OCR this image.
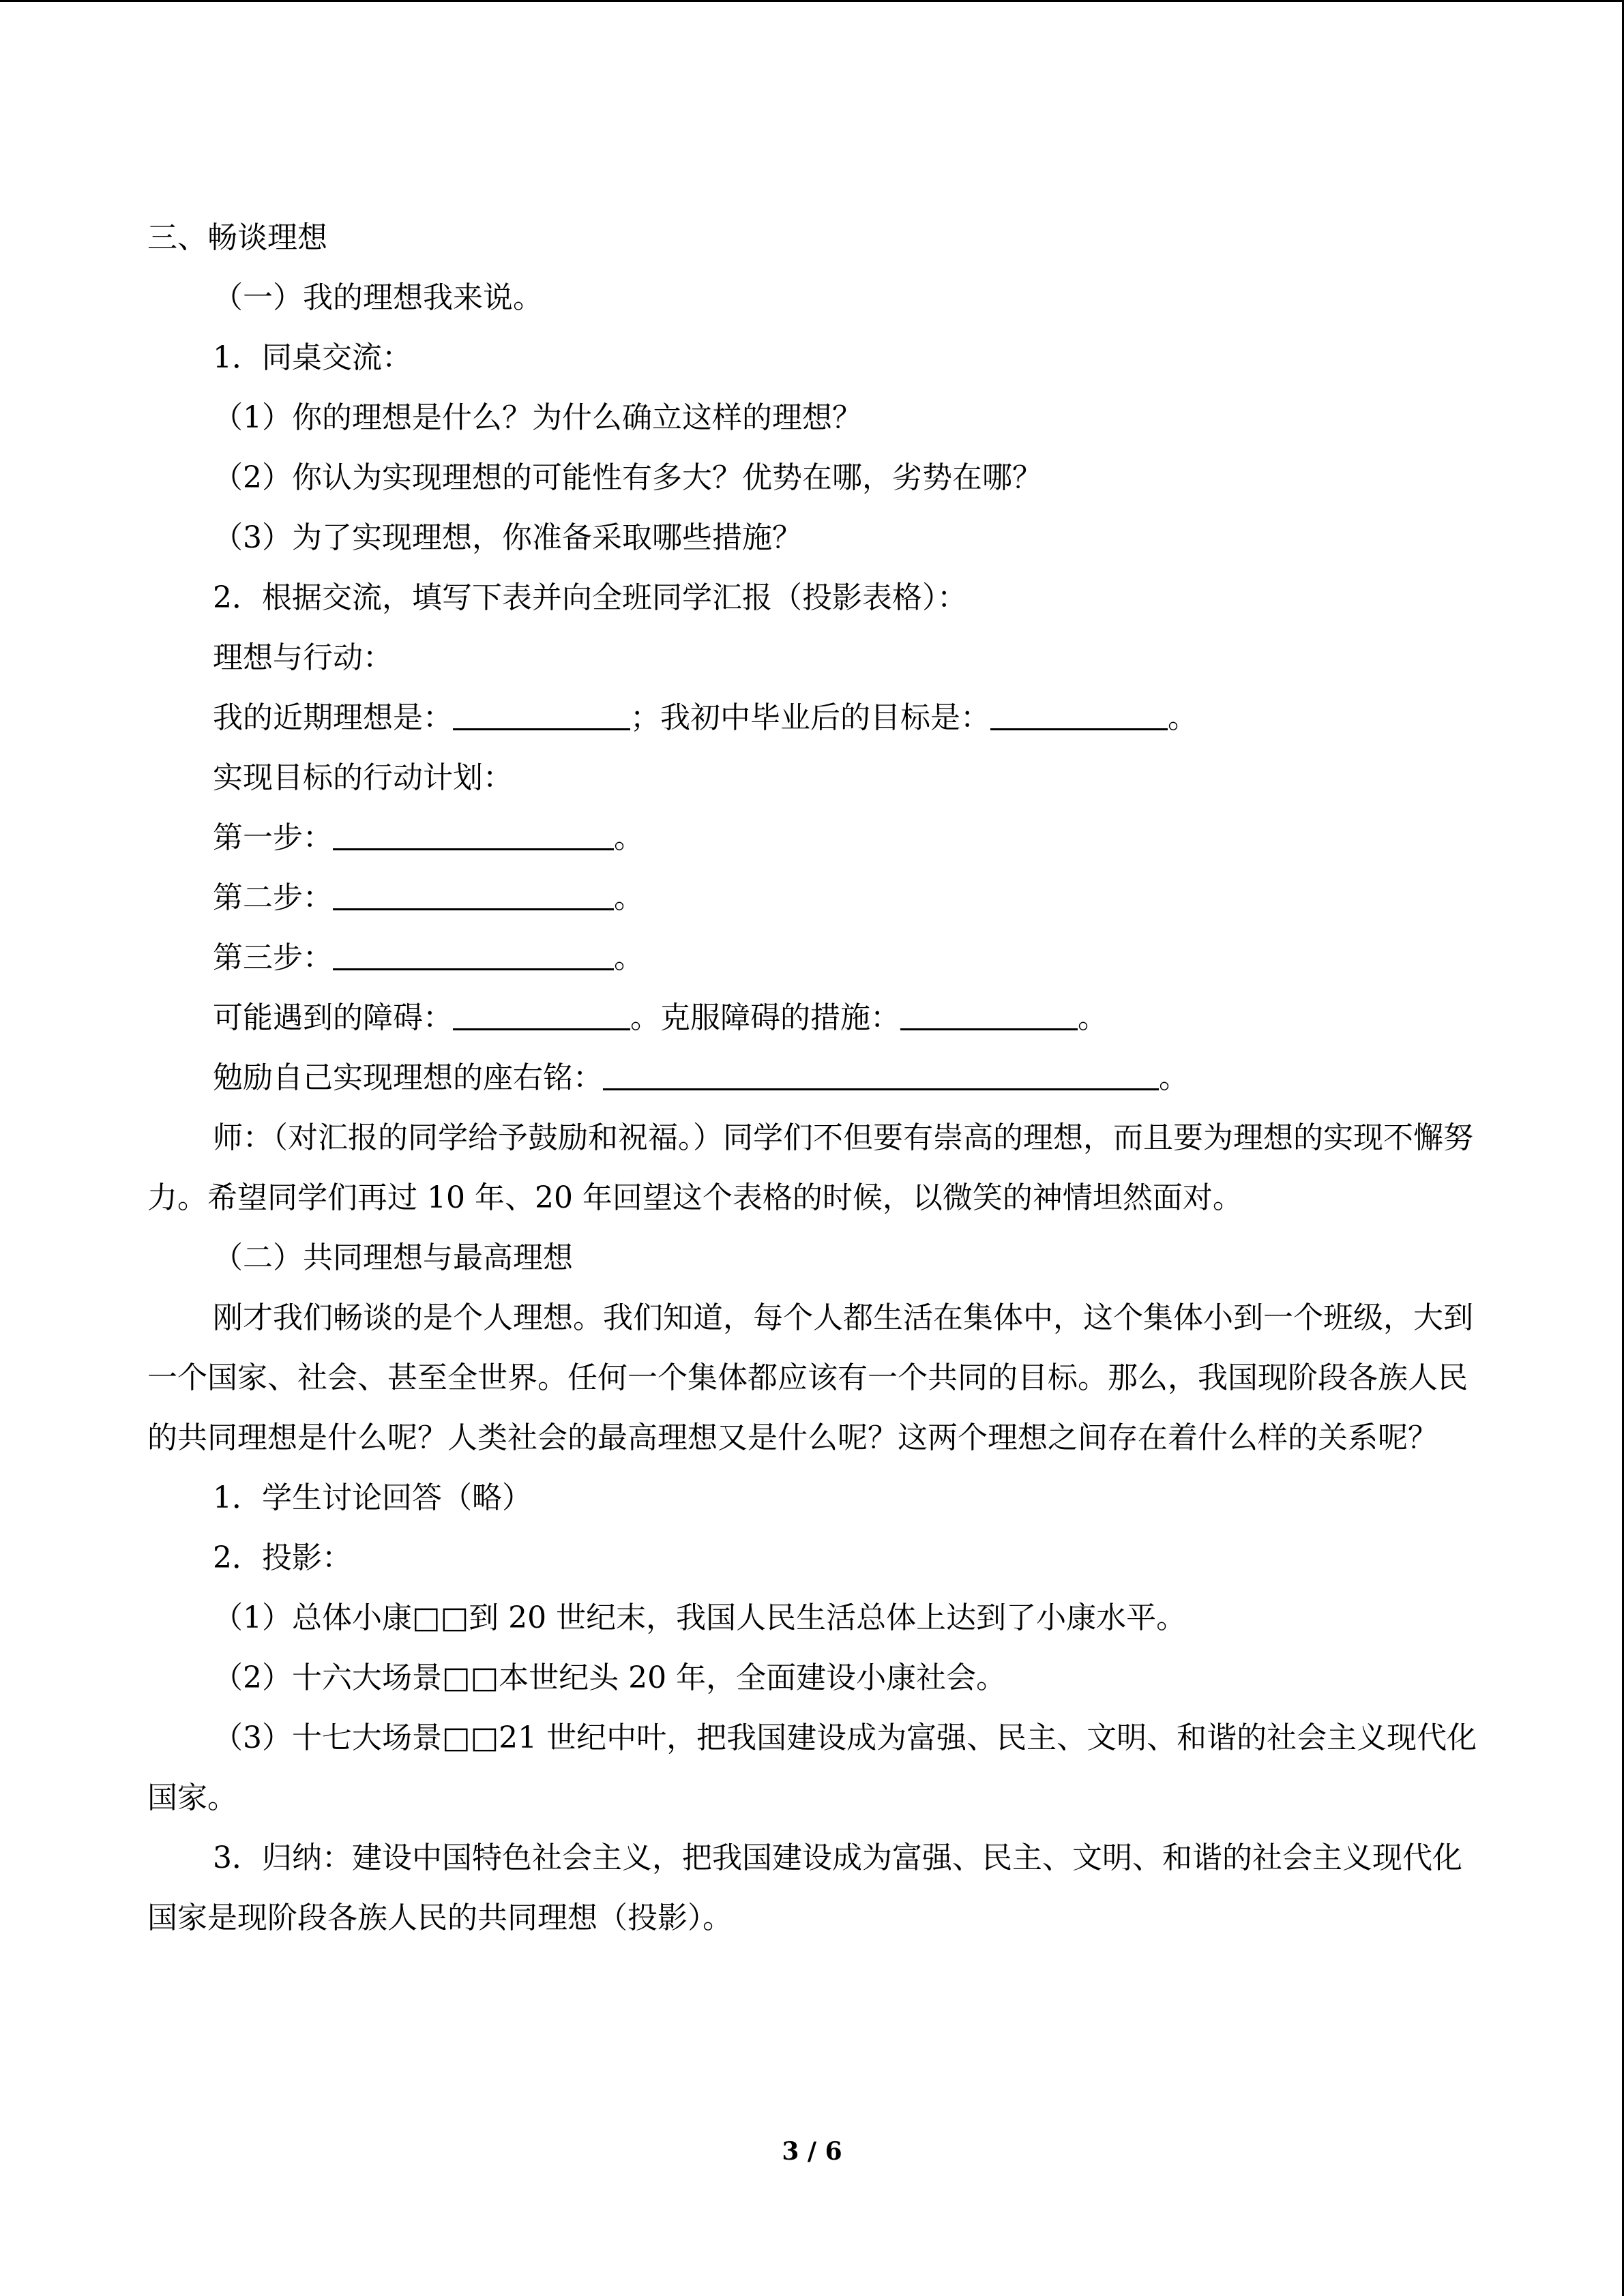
三、畅谈理想
（一）我的理想我来说。
1．同桌交流：
（1）你的理想是什么？为什么确立这样的理想？
（2）你认为实现理想的可能性有多大？优势在哪，劣势在哪？
（3）为了实现理想，你准备采取哪些措施？
2．根据交流，填写下表并向全班同学汇报（投影表格）：
理想与行动：
我的近期理想是：	；我初中毕业后的目标是：	。
实现目标的行动计划：
第一步：	。
第二步：	。
第三步：	。
可能遇到的障碍：	。克服障碍的措施：	。
勉励自己实现理想的座右铭：	。
师：（对汇报的同学给予鼓励和祝福。）同学们不但要有崇高的理想，而且要为理想的实现不懈努力。希望同学们再过 10 年、20 年回望这个表格的时候，以微笑的神情坦然面对。
（二）共同理想与最高理想
刚才我们畅谈的是个人理想。我们知道，每个人都生活在集体中，这个集体小到一个班级，大到一个国家、社会、甚至全世界。任何一个集体都应该有一个共同的目标。那么，我国现阶段各族人民的共同理想是什么呢？人类社会的最高理想又是什么呢？这两个理想之间存在着什么样的关系呢？
1．学生讨论回答（略）
2．投影：
（1）总体小康□□到 20 世纪末，我国人民生活总体上达到了小康水平。
（2）十六大场景□□本世纪头 20 年，全面建设小康社会。
（3）十七大场景□□21 世纪中叶，把我国建设成为富强、民主、文明、和谐的社会主义现代化国家。
3．归纳：建设中国特色社会主义，把我国建设成为富强、民主、文明、和谐的社会主义现代化国家是现阶段各族人民的共同理想（投影）。
3 / 6
